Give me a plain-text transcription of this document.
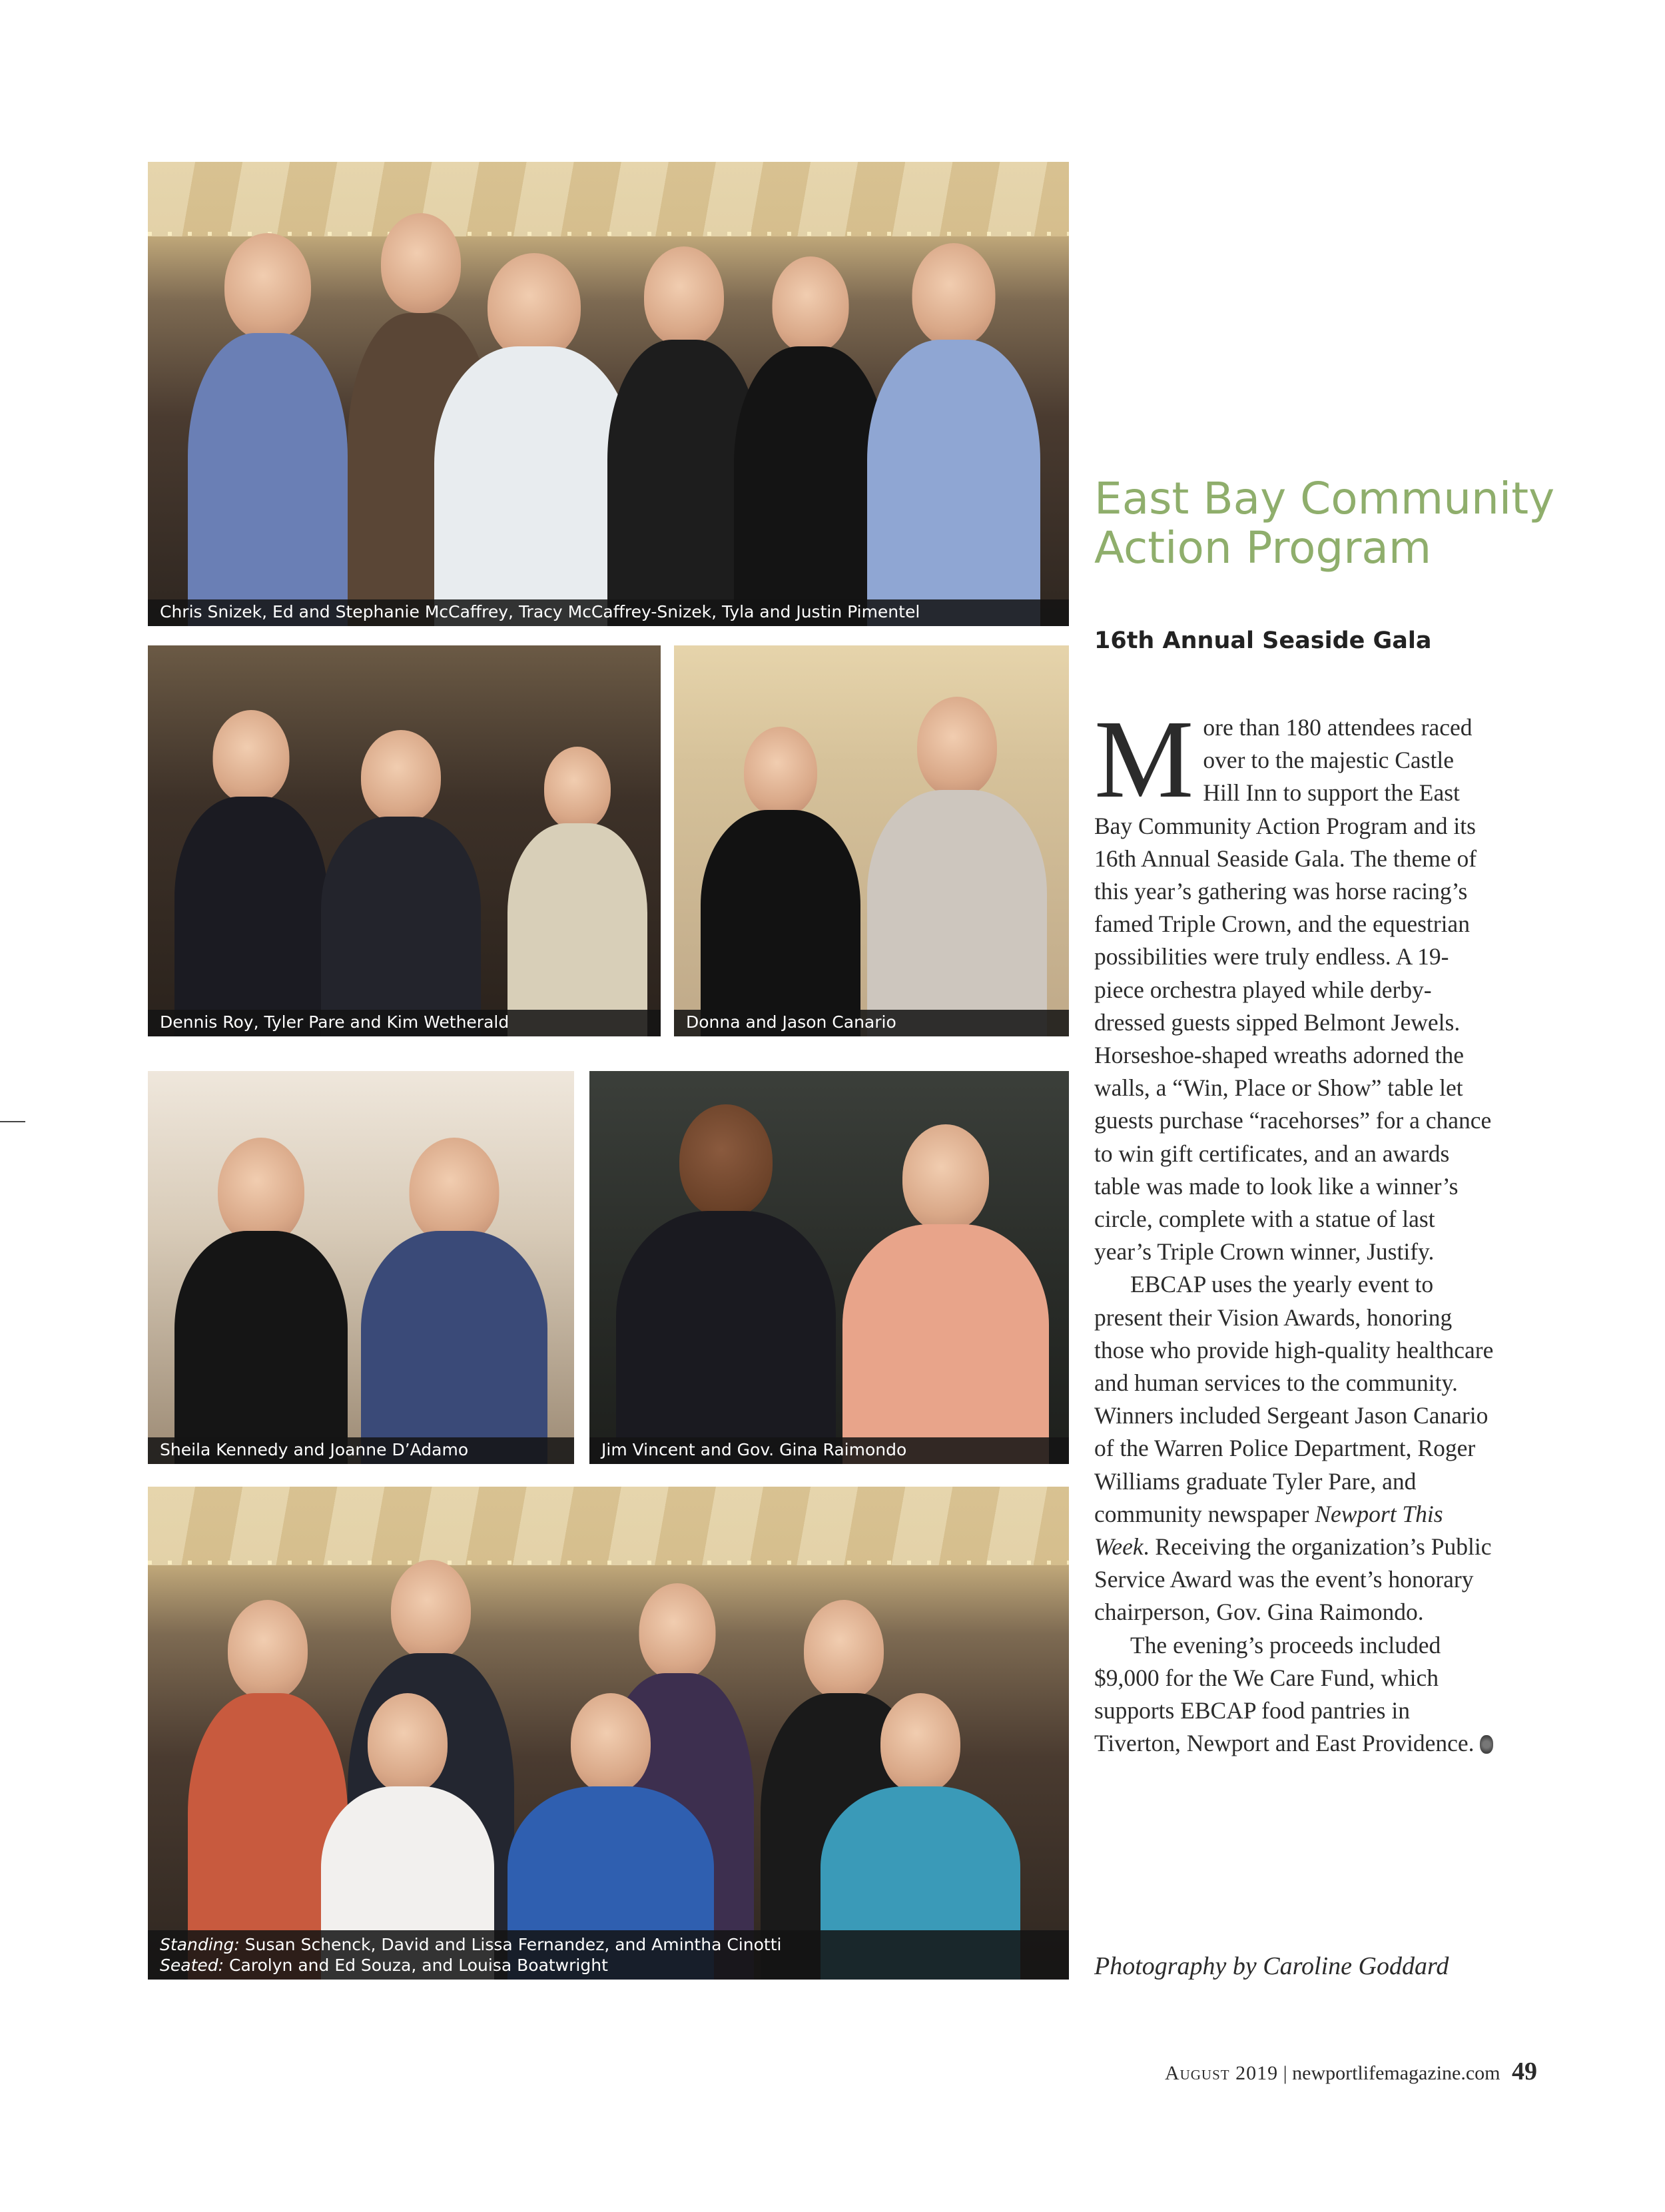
Chris Snizek, Ed and Stephanie McCaffrey, Tracy McCaffrey-Snizek, Tyla and Justin Pimentel
Dennis Roy, Tyler Pare and Kim Wetherald	Donna and Jason Canario
Sheila Kennedy and Joanne D’Adamo	Jim Vincent and Gov. Gina Raimondo
Standing: Susan Schenck, David and Lissa Fernandez, and Amintha Cinotti
Seated: Carolyn and Ed Souza, and Louisa Boatwright
East Bay Community Action Program
16th Annual Seaside Gala

More than 180 attendees raced over to the majestic Castle Hill Inn to support the East Bay Community Action Program and its 16th Annual Seaside Gala. The theme of this year’s gathering was horse racing’s famed Triple Crown, and the equestrian possibilities were truly endless. A 19-piece orchestra played while derby-dressed guests sipped Belmont Jewels. Horseshoe-shaped wreaths adorned the walls, a “Win, Place or Show” table let guests purchase “racehorses” for a chance to win gift certificates, and an awards table was made to look like a winner’s circle, complete with a statue of last year’s Triple Crown winner, Justify.

EBCAP uses the yearly event to present their Vision Awards, honoring those who provide high-quality healthcare and human services to the community. Winners included Sergeant Jason Canario of the Warren Police Department, Roger Williams graduate Tyler Pare, and community newspaper Newport This Week. Receiving the organization’s Public Service Award was the event’s honorary chairperson, Gov. Gina Raimondo.

The evening’s proceeds included $9,000 for the We Care Fund, which supports EBCAP food pantries in Tiverton, Newport and East Providence.

Photography by Caroline Goddard
August 2019 | newportlifemagazine.com 49
